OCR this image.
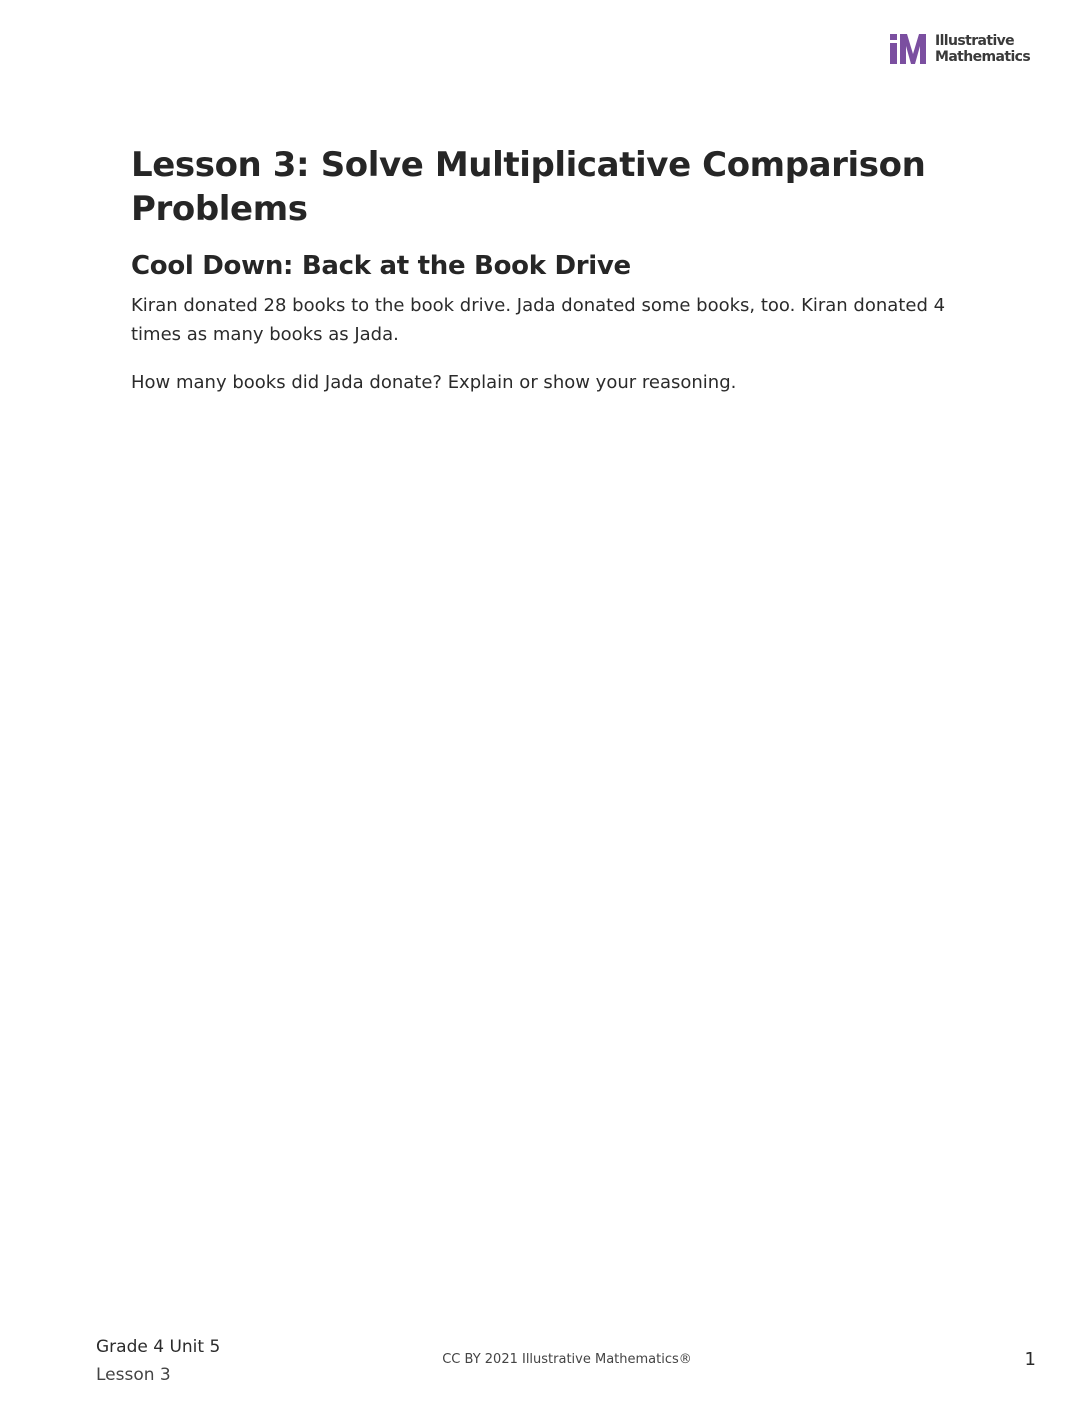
Illustrative
Mathematics
Lesson 3: Solve Multiplicative Comparison Problems
Cool Down: Back at the Book Drive

Kiran donated 28 books to the book drive. Jada donated some books, too. Kiran donated 4 times as many books as Jada.

How many books did Jada donate? Explain or show your reasoning.

Grade 4 Unit 5
Lesson 3
CC BY 2021 Illustrative Mathematics®	1
